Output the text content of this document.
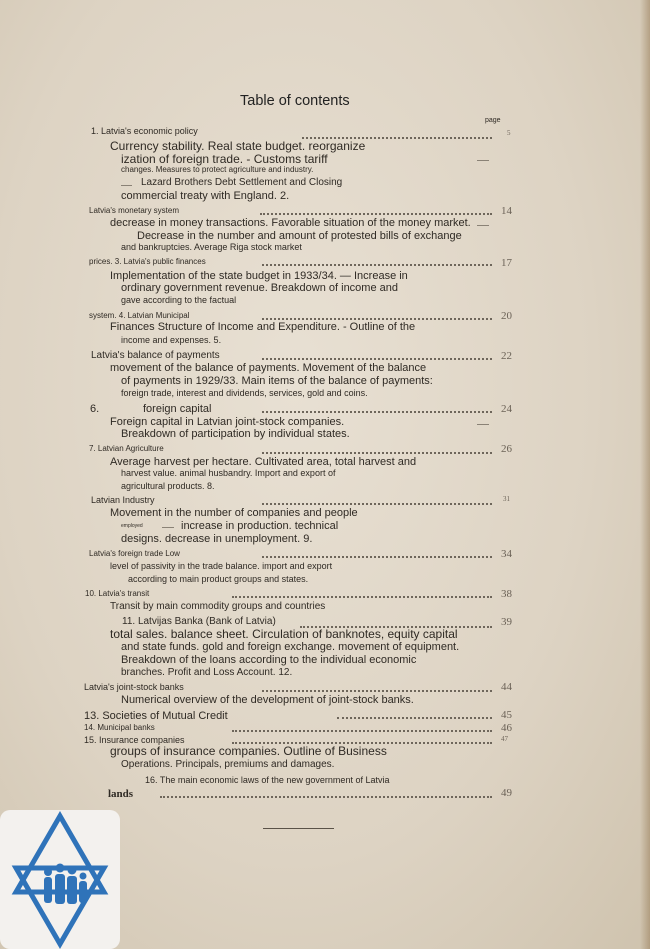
Table of contents
page
1. Latvia's economic policy	5
Currency stability. Real state budget. reorganize
ization of foreign trade. - Customs tariff
changes. Measures to protect agriculture and industry.
Lazard Brothers Debt Settlement and Closing
commercial treaty with England. 2.
Latvia's monetary system	14
decrease in money transactions. Favorable situation of the money market.
Decrease in the number and amount of protested bills of exchange
and bankruptcies. Average Riga stock market
prices. 3. Latvia's public finances	17
Implementation of the state budget in 1933/34. — Increase in
ordinary government revenue. Breakdown of income and
gave according to the factual
system. 4. Latvian Municipal	20
Finances Structure of Income and Expenditure. - Outline of the
income and expenses. 5.
Latvia's balance of payments	22
movement of the balance of payments. Movement of the balance
of payments in 1929/33. Main items of the balance of payments:
foreign trade, interest and dividends, services, gold and coins.
6.	foreign capital	24
Foreign capital in Latvian joint-stock companies.
Breakdown of participation by individual states.
7. Latvian Agriculture	26
Average harvest per hectare. Cultivated area, total harvest and
harvest value. animal husbandry. Import and export of
agricultural products. 8.
Latvian Industry	31
Movement in the number of companies and people
employed	increase in production. technical
designs. decrease in unemployment. 9.
Latvia's foreign trade Low	34
level of passivity in the trade balance. import and export
according to main product groups and states.
10. Latvia's transit	38
Transit by main commodity groups and countries
11. Latvijas Banka (Bank of Latvia)	39
total sales. balance sheet. Circulation of banknotes, equity capital
and state funds. gold and foreign exchange. movement of equipment.
Breakdown of the loans according to the individual economic
branches. Profit and Loss Account. 12.
Latvia's joint-stock banks	44
Numerical overview of the development of joint-stock banks.
13. Societies of Mutual Credit	45
14. Municipal banks	46
15. Insurance companies	47
groups of insurance companies. Outline of Business
Operations. Principals, premiums and damages.
16. The main economic laws of the new government of Latvia
lands	49
